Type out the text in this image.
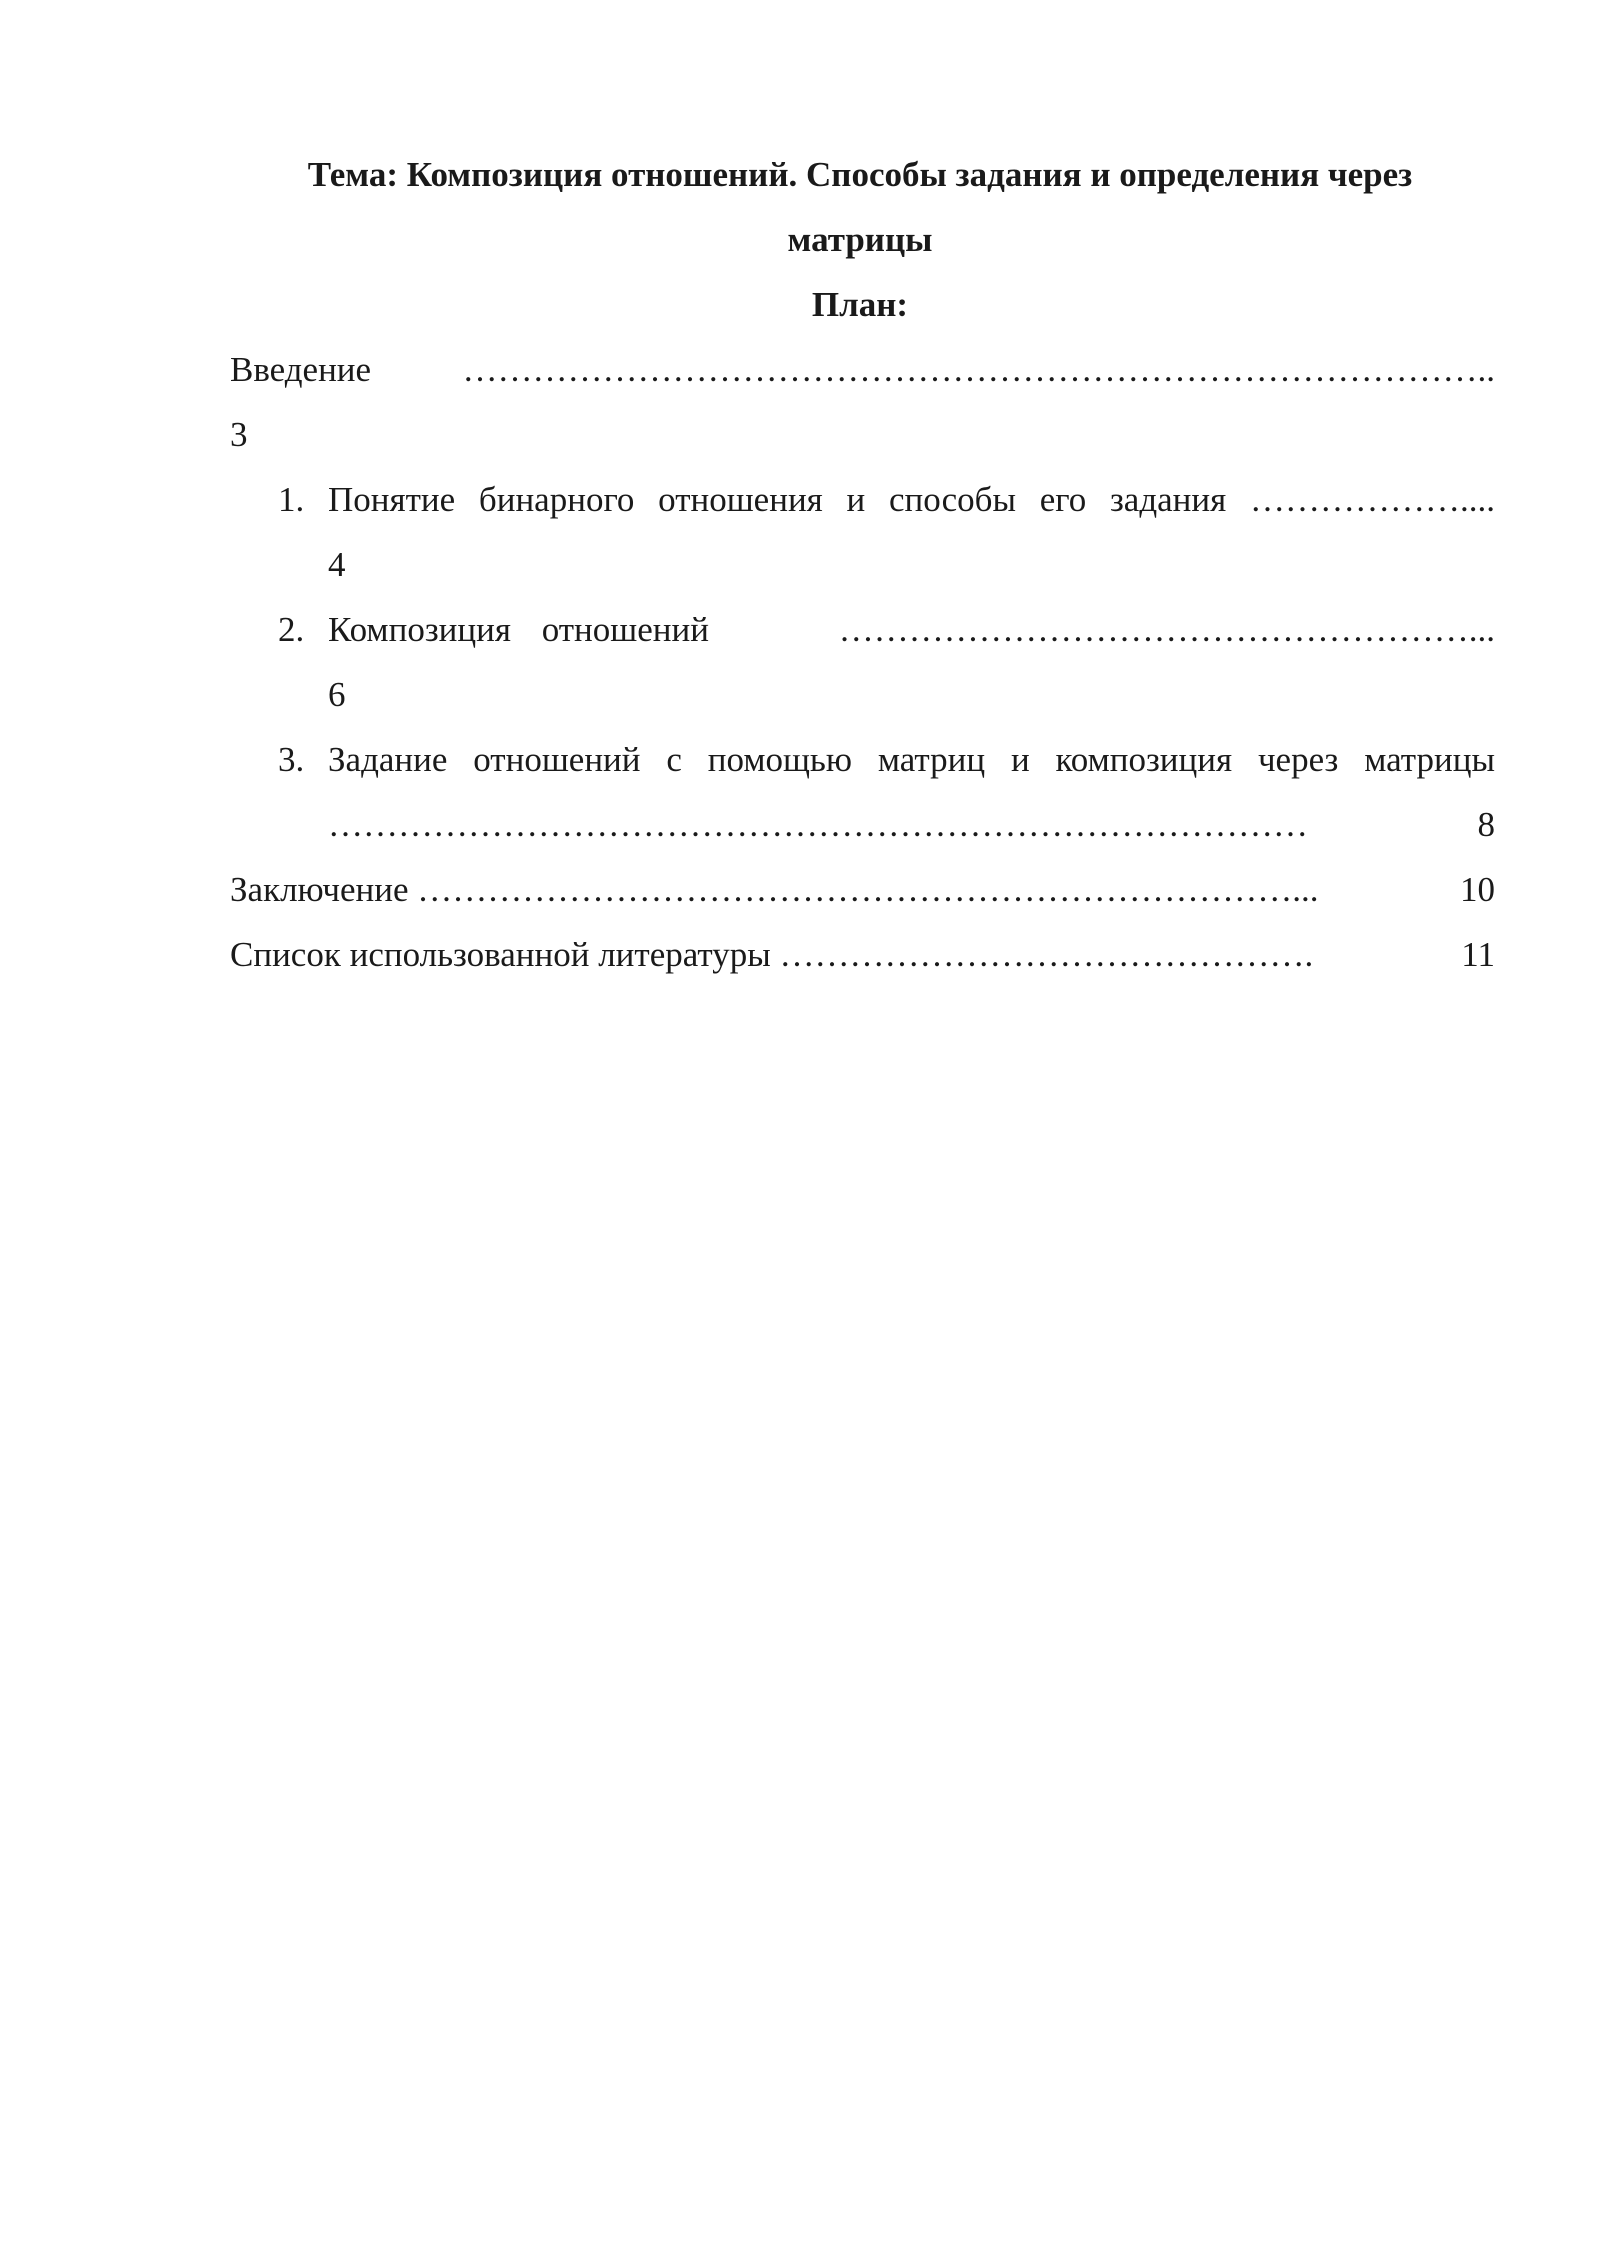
Тема: Композиция отношений. Способы задания и определения через
матрицы
План:
Введение	……………………………………………………………………………..
3
1. Понятие бинарного отношения и способы его задания ………………....
4
2. Композиция отношений	………………………………………………...
6
3. Задание отношений с помощью матриц и композиция через матрицы
…………………………………………………………………………	8
Заключение …………………………………………………………………...	10
Список использованной литературы ……………………………………….	11
